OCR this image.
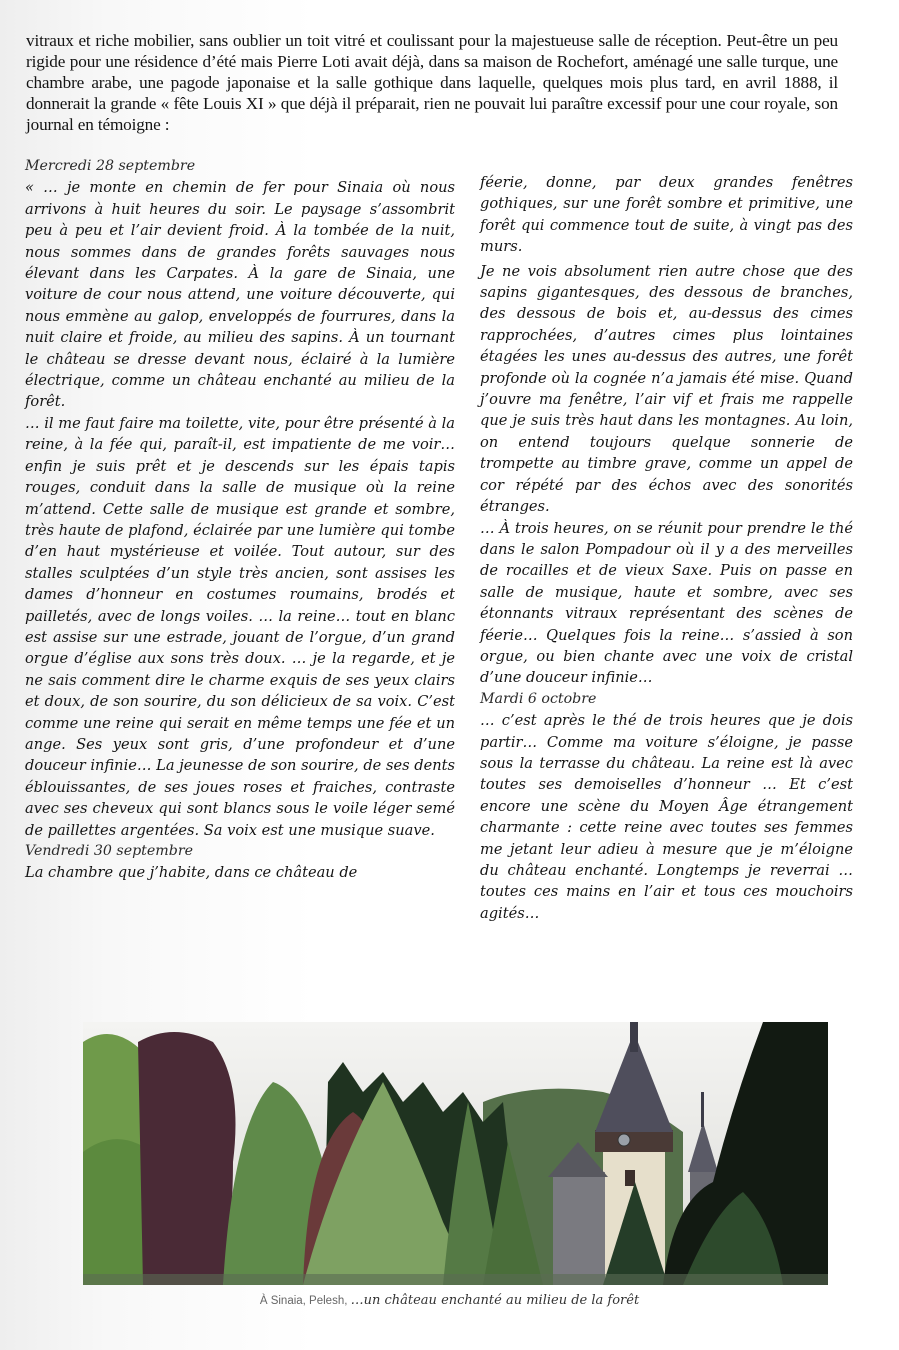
vitraux et riche mobilier, sans oublier un toit vitré et coulissant pour la majestueuse salle de réception. Peut-être un peu rigide pour une résidence d’été mais Pierre Loti avait déjà, dans sa maison de Rochefort, aménagé une salle turque, une chambre arabe, une pagode japonaise et la salle gothique dans laquelle, quelques mois plus tard, en avril 1888, il donnerait la grande « fête Louis XI » que déjà il préparait, rien ne pouvait lui paraître excessif pour une cour royale, son journal en témoigne :

Mercredi 28 septembre

« … je monte en chemin de fer pour Sinaia où nous arrivons à huit heures du soir. Le paysage s’assombrit peu à peu et l’air devient froid. À la tombée de la nuit, nous sommes dans de grandes forêts sauvages nous élevant dans les Carpates. À la gare de Sinaia, une voiture de cour nous attend, une voiture découverte, qui nous emmène au galop, enveloppés de fourrures, dans la nuit claire et froide, au milieu des sapins. À un tournant le château se dresse devant nous, éclairé à la lumière électrique, comme un château enchanté au milieu de la forêt.

… il me faut faire ma toilette, vite, pour être présenté à la reine, à la fée qui, paraît-il, est impatiente de me voir… enfin je suis prêt et je descends sur les épais tapis rouges, conduit dans la salle de musique où la reine m’attend. Cette salle de musique est grande et sombre, très haute de plafond, éclairée par une lumière qui tombe d’en haut mystérieuse et voilée. Tout autour, sur des stalles sculptées d’un style très ancien, sont assises les dames d’honneur en costumes roumains, brodés et pailletés, avec de longs voiles. … la reine… tout en blanc est assise sur une estrade, jouant de l’orgue, d’un grand orgue d’église aux sons très doux. … je la regarde, et je ne sais comment dire le charme exquis de ses yeux clairs et doux, de son sourire, du son délicieux de sa voix. C’est comme une reine qui serait en même temps une fée et un ange. Ses yeux sont gris, d’une profondeur et d’une douceur infinie… La jeunesse de son sourire, de ses dents éblouissantes, de ses joues roses et fraiches, contraste avec ses cheveux qui sont blancs sous le voile léger semé de paillettes argentées. Sa voix est une musique suave.

Vendredi 30 septembre

La chambre que j’habite, dans ce château de

féerie, donne, par deux grandes fenêtres gothiques, sur une forêt sombre et primitive, une forêt qui commence tout de suite, à vingt pas des murs.

Je ne vois absolument rien autre chose que des sapins gigantesques, des dessous de branches, des dessous de bois et, au-dessus des cimes rapprochées, d’autres cimes plus lointaines étagées les unes au-dessus des autres, une forêt profonde où la cognée n’a jamais été mise. Quand j’ouvre ma fenêtre, l’air vif et frais me rappelle que je suis très haut dans les montagnes. Au loin, on entend toujours quelque sonnerie de trompette au timbre grave, comme un appel de cor répété par des échos avec des sonorités étranges.

… À trois heures, on se réunit pour prendre le thé dans le salon Pompadour où il y a des merveilles de rocailles et de vieux Saxe. Puis on passe en salle de musique, haute et sombre, avec ses étonnants vitraux représentant des scènes de féerie… Quelques fois la reine… s’assied à son orgue, ou bien chante avec une voix de cristal d’une douceur infinie…

Mardi 6 octobre

… c’est après le thé de trois heures que je dois partir… Comme ma voiture s’éloigne, je passe sous la terrasse du château. La reine est là avec toutes ses demoiselles d’honneur … Et c’est encore une scène du Moyen Âge étrangement charmante : cette reine avec toutes ses femmes me jetant leur adieu à mesure que je m’éloigne du château enchanté. Longtemps je reverrai … toutes ces mains en l’air et tous ces mouchoirs agités…

À Sinaia, Pelesh, …un château enchanté au milieu de la forêt
